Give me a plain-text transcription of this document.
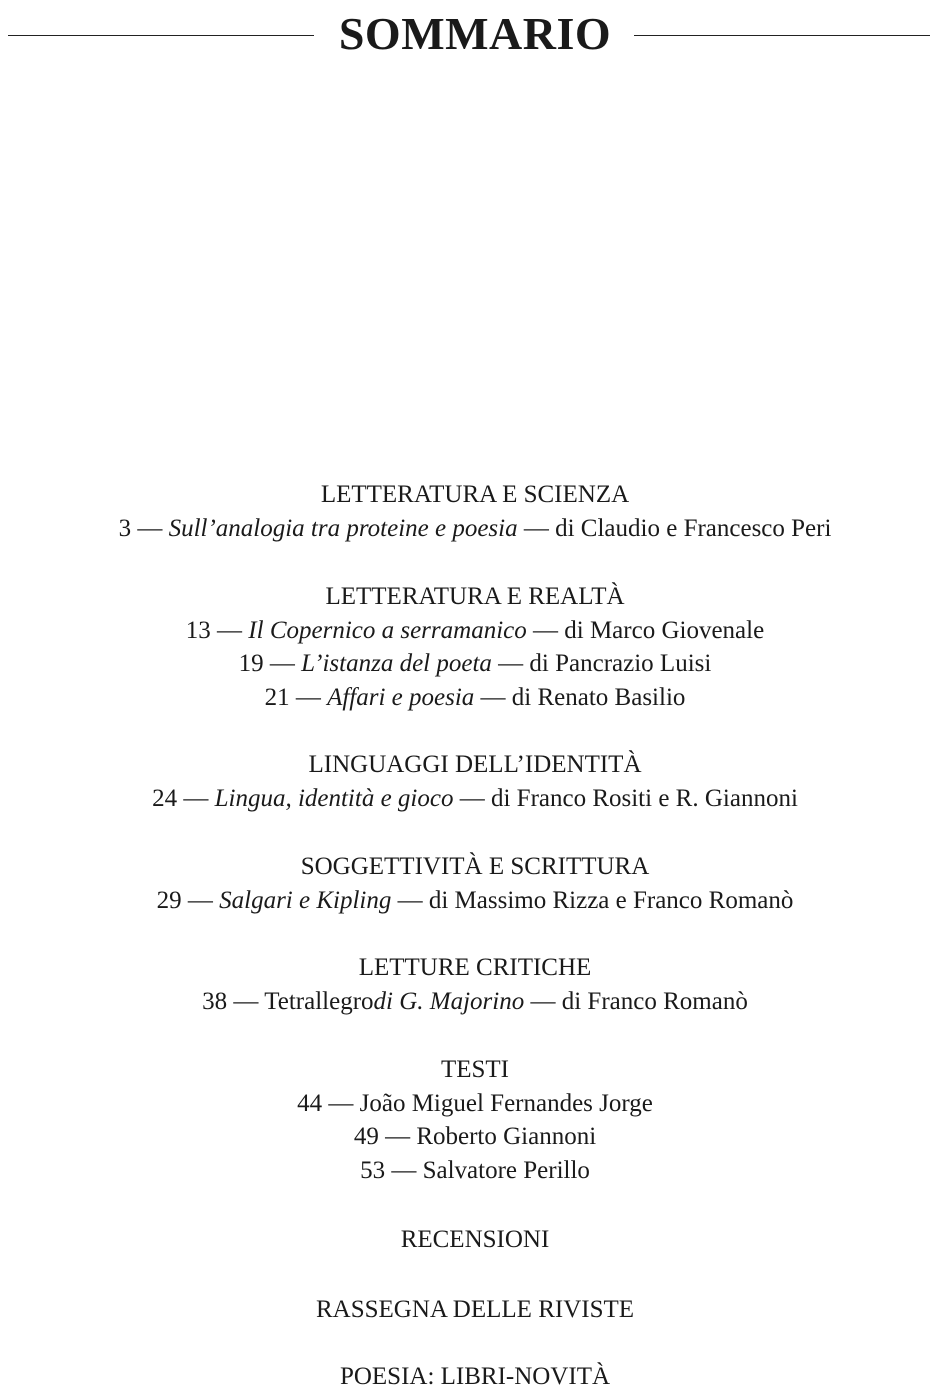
SOMMARIO
LETTERATURA E SCIENZA
3 — Sull’analogia tra proteine e poesia — di Claudio e Francesco Peri
LETTERATURA E REALTÀ
13 — Il Copernico a serramanico — di Marco Giovenale
19 — L’istanza del poeta — di Pancrazio Luisi
21 — Affari e poesia — di Renato Basilio
LINGUAGGI DELL’IDENTITÀ
24 — Lingua, identità e gioco — di Franco Rositi e R. Giannoni
SOGGETTIVITÀ E SCRITTURA
29 — Salgari e Kipling — di Massimo Rizza e Franco Romanò
LETTURE CRITICHE
38 — Tetrallegrodi G. Majorino — di Franco Romanò
TESTI
44 — João Miguel Fernandes Jorge
49 — Roberto Giannoni
53 — Salvatore Perillo
RECENSIONI
RASSEGNA DELLE RIVISTE
POESIA: LIBRI-NOVITÀ
